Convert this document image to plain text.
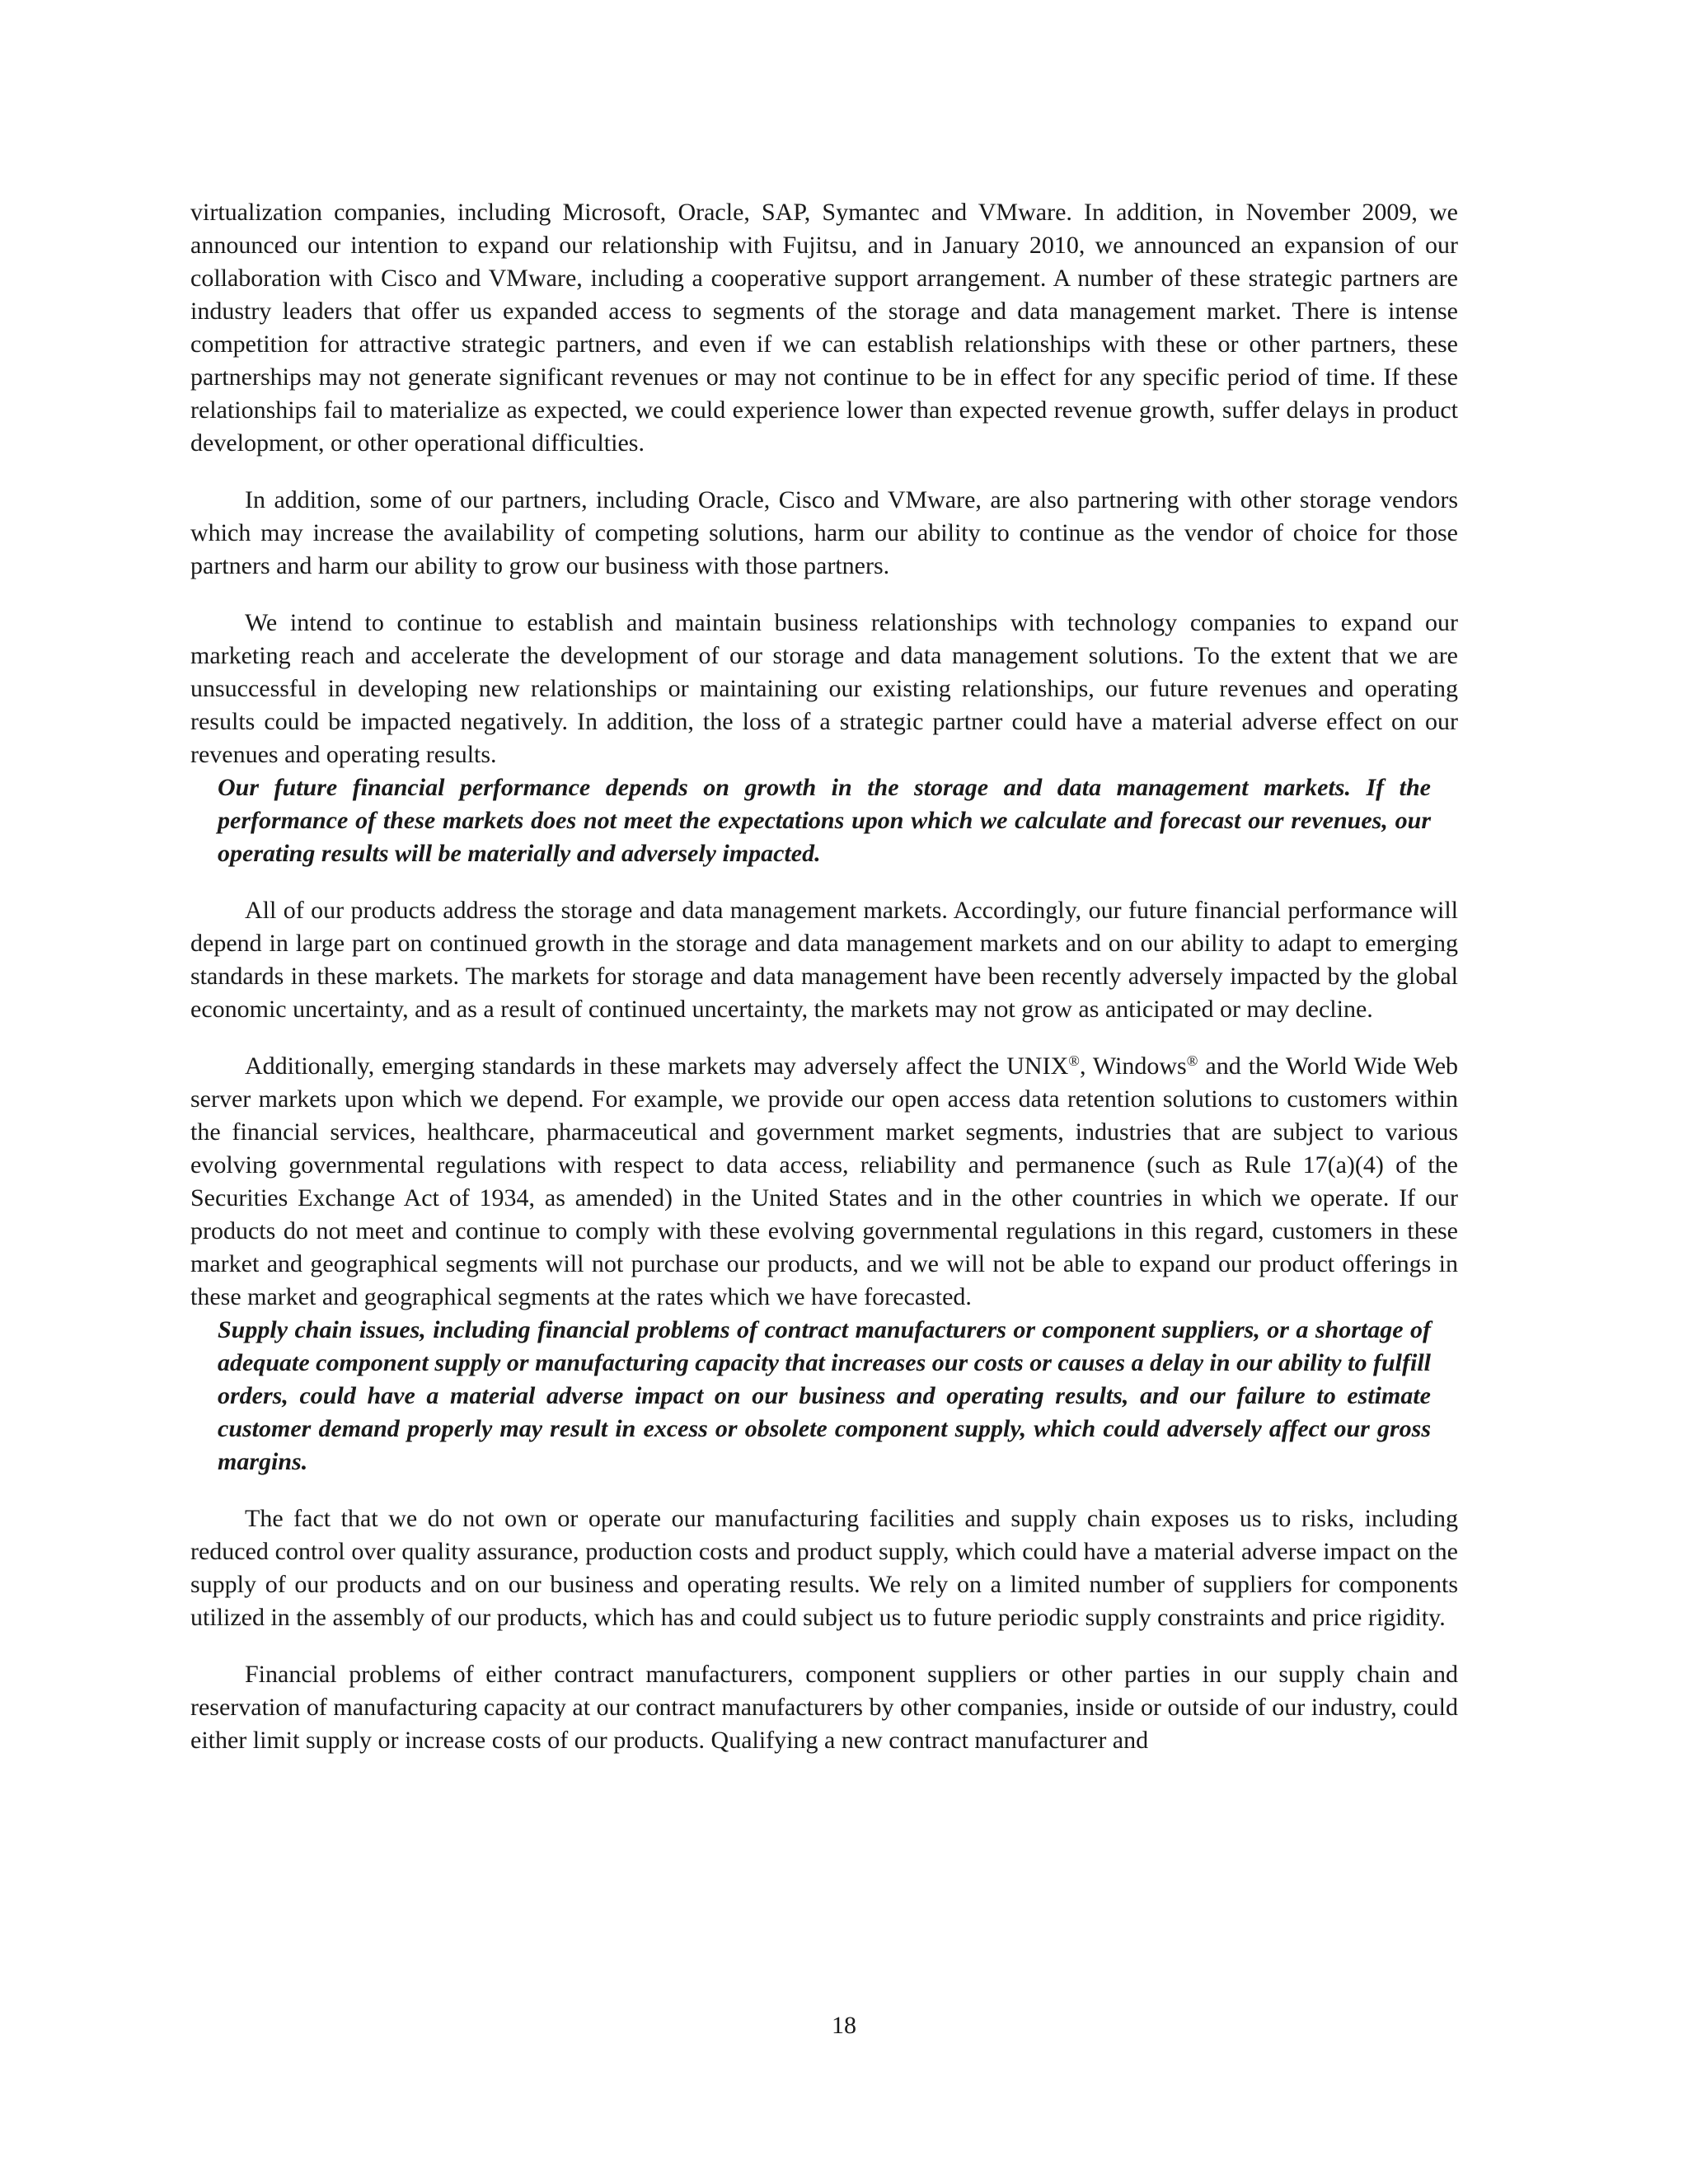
virtualization companies, including Microsoft, Oracle, SAP, Symantec and VMware. In addition, in November 2009, we announced our intention to expand our relationship with Fujitsu, and in January 2010, we announced an expansion of our collaboration with Cisco and VMware, including a cooperative support arrangement. A number of these strategic partners are industry leaders that offer us expanded access to segments of the storage and data management market. There is intense competition for attractive strategic partners, and even if we can establish relationships with these or other partners, these partnerships may not generate significant revenues or may not continue to be in effect for any specific period of time. If these relationships fail to materialize as expected, we could experience lower than expected revenue growth, suffer delays in product development, or other operational difficulties.

In addition, some of our partners, including Oracle, Cisco and VMware, are also partnering with other storage vendors which may increase the availability of competing solutions, harm our ability to continue as the vendor of choice for those partners and harm our ability to grow our business with those partners.

We intend to continue to establish and maintain business relationships with technology companies to expand our marketing reach and accelerate the development of our storage and data management solutions. To the extent that we are unsuccessful in developing new relationships or maintaining our existing relationships, our future revenues and operating results could be impacted negatively. In addition, the loss of a strategic partner could have a material adverse effect on our revenues and operating results.

Our future financial performance depends on growth in the storage and data management markets. If the performance of these markets does not meet the expectations upon which we calculate and forecast our revenues, our operating results will be materially and adversely impacted.

All of our products address the storage and data management markets. Accordingly, our future financial performance will depend in large part on continued growth in the storage and data management markets and on our ability to adapt to emerging standards in these markets. The markets for storage and data management have been recently adversely impacted by the global economic uncertainty, and as a result of continued uncertainty, the markets may not grow as anticipated or may decline.

Additionally, emerging standards in these markets may adversely affect the UNIX®, Windows® and the World Wide Web server markets upon which we depend. For example, we provide our open access data retention solutions to customers within the financial services, healthcare, pharmaceutical and government market segments, industries that are subject to various evolving governmental regulations with respect to data access, reliability and permanence (such as Rule 17(a)(4) of the Securities Exchange Act of 1934, as amended) in the United States and in the other countries in which we operate. If our products do not meet and continue to comply with these evolving governmental regulations in this regard, customers in these market and geographical segments will not purchase our products, and we will not be able to expand our product offerings in these market and geographical segments at the rates which we have forecasted.

Supply chain issues, including financial problems of contract manufacturers or component suppliers, or a shortage of adequate component supply or manufacturing capacity that increases our costs or causes a delay in our ability to fulfill orders, could have a material adverse impact on our business and operating results, and our failure to estimate customer demand properly may result in excess or obsolete component supply, which could adversely affect our gross margins.

The fact that we do not own or operate our manufacturing facilities and supply chain exposes us to risks, including reduced control over quality assurance, production costs and product supply, which could have a material adverse impact on the supply of our products and on our business and operating results. We rely on a limited number of suppliers for components utilized in the assembly of our products, which has and could subject us to future periodic supply constraints and price rigidity.

Financial problems of either contract manufacturers, component suppliers or other parties in our supply chain and reservation of manufacturing capacity at our contract manufacturers by other companies, inside or outside of our industry, could either limit supply or increase costs of our products. Qualifying a new contract manufacturer and

18
